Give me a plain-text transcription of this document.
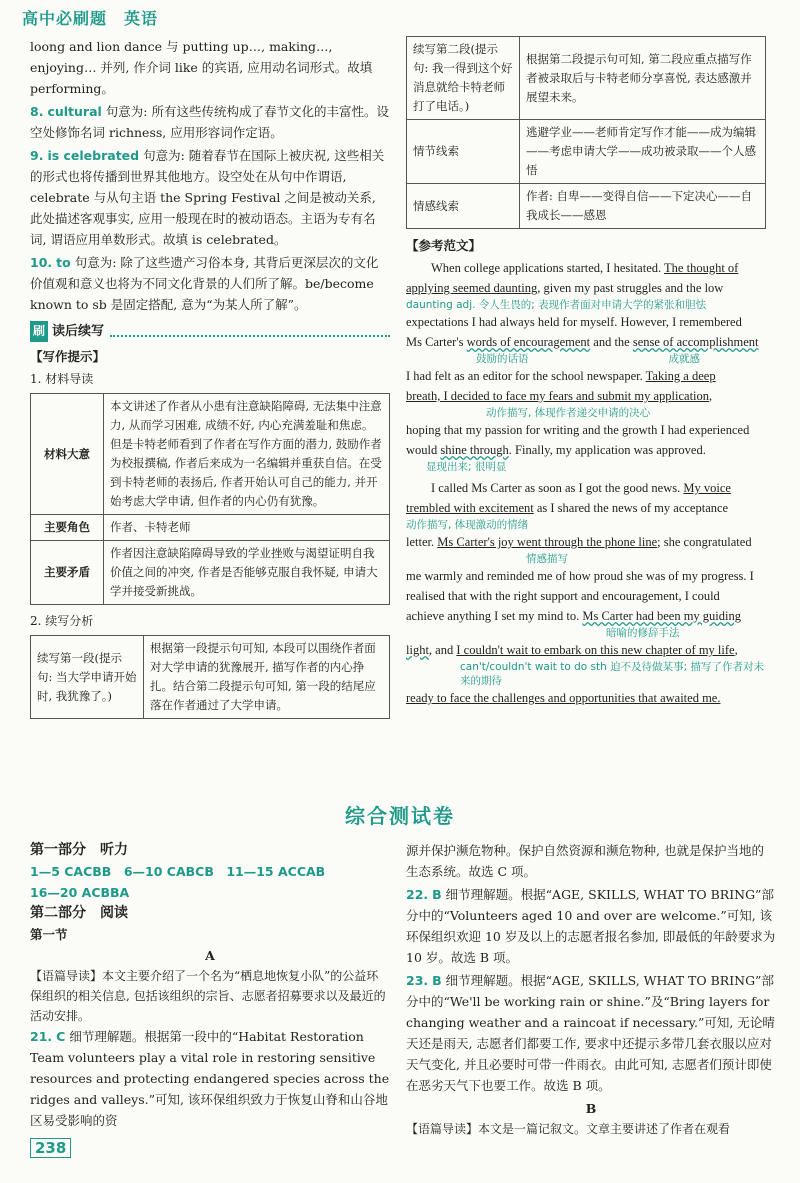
高中必刷题　英语

loong and lion dance 与 putting up…, making…, enjoying… 并列, 作介词 like 的宾语, 应用动名词形式。故填 performing。

8. cultural 句意为: 所有这些传统构成了春节文化的丰富性。设空处修饰名词 richness, 应用形容词作定语。

9. is celebrated 句意为: 随着春节在国际上被庆祝, 这些相关的形式也将传播到世界其他地方。设空处在从句中作谓语, celebrate 与从句主语 the Spring Festival 之间是被动关系, 此处描述客观事实, 应用一般现在时的被动语态。主语为专有名词, 谓语应用单数形式。故填 is celebrated。

10. to 句意为: 除了这些遗产习俗本身, 其背后更深层次的文化价值观和意义也将为不同文化背景的人们所了解。be/become known to sb 是固定搭配, 意为“为某人所了解”。

刷 读后续写
【写作提示】
1. 材料导读
材料大意	本文讲述了作者从小患有注意缺陷障碍, 无法集中注意力, 从而学习困难, 成绩不好, 内心充满羞耻和焦虑。但是卡特老师看到了作者在写作方面的潜力, 鼓励作者为校报撰稿, 作者后来成为一名编辑并重获自信。在受到卡特老师的表扬后, 作者开始认可自己的能力, 并开始考虑大学申请, 但作者的内心仍有犹豫。
主要角色	作者、卡特老师
主要矛盾	作者因注意缺陷障碍导致的学业挫败与渴望证明自我价值之间的冲突, 作者是否能够克服自我怀疑, 申请大学并接受新挑战。
2. 续写分析
续写第一段(提示句: 当大学申请开始时, 我犹豫了。)	根据第一段提示句可知, 本段可以围绕作者面对大学申请的犹豫展开, 描写作者的内心挣扎。结合第二段提示句可知, 第一段的结尾应落在作者通过了大学申请。
续写第二段(提示句: 我一得到这个好消息就给卡特老师打了电话。)	根据第二段提示句可知, 第二段应重点描写作者被录取后与卡特老师分享喜悦, 表达感激并展望未来。
情节线索	逃避学业——老师肯定写作才能——成为编辑——考虑申请大学——成功被录取——个人感悟
情感线索	作者: 自卑——变得自信——下定决心——自我成长——感恩
【参考范文】
When college applications started, I hesitated. The thought of applying seemed daunting, given my past struggles and the low
daunting adj. 令人生畏的; 表现作者面对申请大学的紧张和胆怯
expectations I had always held for myself. However, I remembered
Ms Carter's words of encouragement and the sense of accomplishment
鼓励的话语	成就感
I had felt as an editor for the school newspaper. Taking a deep
breath, I decided to face my fears and submit my application,
动作描写, 体现作者递交申请的决心
hoping that my passion for writing and the growth I had experienced
would shine through. Finally, my application was approved.
显现出来; 很明显
I called Ms Carter as soon as I got the good news. My voice
trembled with excitement as I shared the news of my acceptance
动作描写, 体现激动的情绪
letter. Ms Carter's joy went through the phone line; she congratulated
情感描写
me warmly and reminded me of how proud she was of my progress. I
realised that with the right support and encouragement, I could
achieve anything I set my mind to. Ms Carter had been my guiding
暗喻的修辞手法
light, and I couldn't wait to embark on this new chapter of my life,
can't/couldn't wait to do sth 迫不及待做某事; 描写了作者对未来的期待
ready to face the challenges and opportunities that awaited me.
综合测试卷
第一部分　听力
1—5 CACBB　6—10 CABCB　11—15 ACCAB
16—20 ACBBA
第二部分　阅读
第一节
A
【语篇导读】本文主要介绍了一个名为“栖息地恢复小队”的公益环保组织的相关信息, 包括该组织的宗旨、志愿者招募要求以及最近的活动安排。

21. C 细节理解题。根据第一段中的“Habitat Restoration Team volunteers play a vital role in restoring sensitive resources and protecting endangered species across the ridges and valleys.”可知, 该环保组织致力于恢复山脊和山谷地区易受影响的资

源并保护濒危物种。保护自然资源和濒危物种, 也就是保护当地的生态系统。故选 C 项。

22. B 细节理解题。根据“AGE, SKILLS, WHAT TO BRING”部分中的“Volunteers aged 10 and over are welcome.”可知, 该环保组织欢迎 10 岁及以上的志愿者报名参加, 即最低的年龄要求为 10 岁。故选 B 项。

23. B 细节理解题。根据“AGE, SKILLS, WHAT TO BRING”部分中的“We'll be working rain or shine.”及“Bring layers for changing weather and a raincoat if necessary.”可知, 无论晴天还是雨天, 志愿者们都要工作, 要求中还提示多带几套衣服以应对天气变化, 并且必要时可带一件雨衣。由此可知, 志愿者们预计即使在恶劣天气下也要工作。故选 B 项。

B
【语篇导读】本文是一篇记叙文。文章主要讲述了作者在观看
238
